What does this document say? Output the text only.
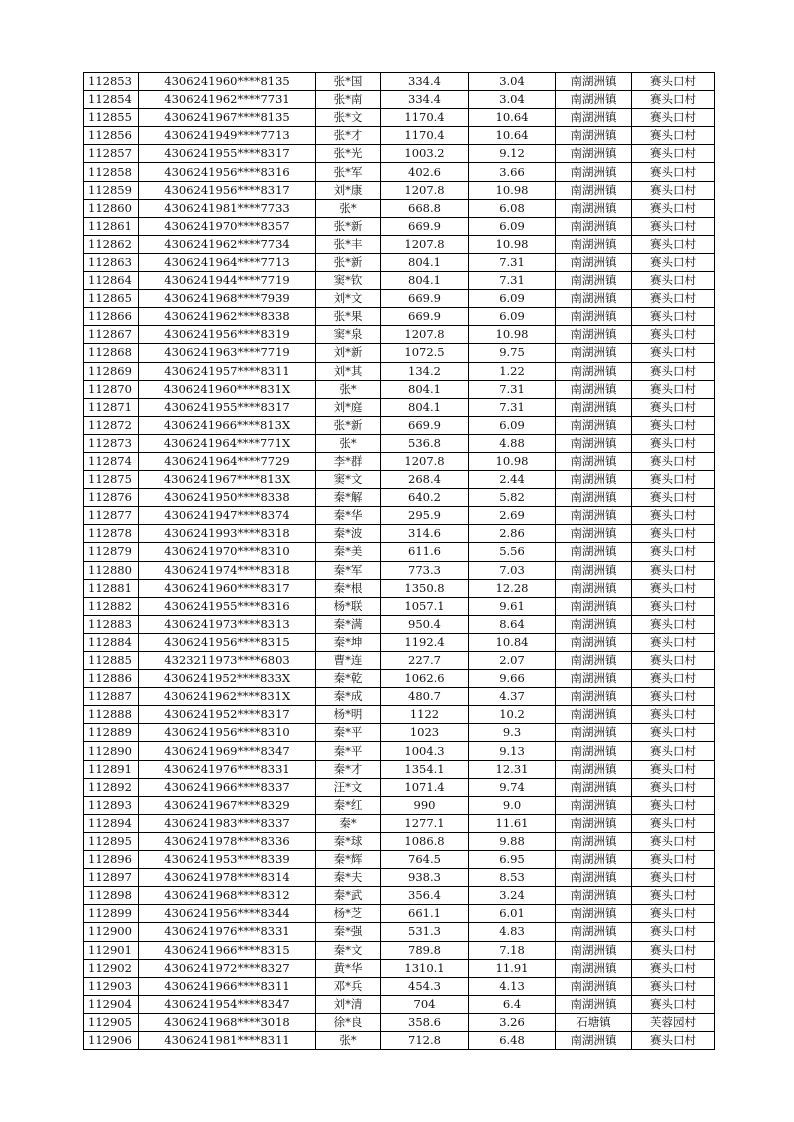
112853	4306241960****8135	张*国	334.4	3.04	南湖洲镇	赛头口村
112854	4306241962****7731	张*南	334.4	3.04	南湖洲镇	赛头口村
112855	4306241967****8135	张*文	1170.4	10.64	南湖洲镇	赛头口村
112856	4306241949****7713	张*才	1170.4	10.64	南湖洲镇	赛头口村
112857	4306241955****8317	张*光	1003.2	9.12	南湖洲镇	赛头口村
112858	4306241956****8316	张*军	402.6	3.66	南湖洲镇	赛头口村
112859	4306241956****8317	刘*康	1207.8	10.98	南湖洲镇	赛头口村
112860	4306241981****7733	张*	668.8	6.08	南湖洲镇	赛头口村
112861	4306241970****8357	张*新	669.9	6.09	南湖洲镇	赛头口村
112862	4306241962****7734	张*丰	1207.8	10.98	南湖洲镇	赛头口村
112863	4306241964****7713	张*新	804.1	7.31	南湖洲镇	赛头口村
112864	4306241944****7719	窦*钦	804.1	7.31	南湖洲镇	赛头口村
112865	4306241968****7939	刘*文	669.9	6.09	南湖洲镇	赛头口村
112866	4306241962****8338	张*果	669.9	6.09	南湖洲镇	赛头口村
112867	4306241956****8319	窦*泉	1207.8	10.98	南湖洲镇	赛头口村
112868	4306241963****7719	刘*新	1072.5	9.75	南湖洲镇	赛头口村
112869	4306241957****8311	刘*其	134.2	1.22	南湖洲镇	赛头口村
112870	4306241960****831X	张*	804.1	7.31	南湖洲镇	赛头口村
112871	4306241955****8317	刘*庭	804.1	7.31	南湖洲镇	赛头口村
112872	4306241966****813X	张*新	669.9	6.09	南湖洲镇	赛头口村
112873	4306241964****771X	张*	536.8	4.88	南湖洲镇	赛头口村
112874	4306241964****7729	李*群	1207.8	10.98	南湖洲镇	赛头口村
112875	4306241967****813X	窦*文	268.4	2.44	南湖洲镇	赛头口村
112876	4306241950****8338	秦*解	640.2	5.82	南湖洲镇	赛头口村
112877	4306241947****8374	秦*华	295.9	2.69	南湖洲镇	赛头口村
112878	4306241993****8318	秦*波	314.6	2.86	南湖洲镇	赛头口村
112879	4306241970****8310	秦*美	611.6	5.56	南湖洲镇	赛头口村
112880	4306241974****8318	秦*军	773.3	7.03	南湖洲镇	赛头口村
112881	4306241960****8317	秦*根	1350.8	12.28	南湖洲镇	赛头口村
112882	4306241955****8316	杨*联	1057.1	9.61	南湖洲镇	赛头口村
112883	4306241973****8313	秦*满	950.4	8.64	南湖洲镇	赛头口村
112884	4306241956****8315	秦*坤	1192.4	10.84	南湖洲镇	赛头口村
112885	4323211973****6803	曹*连	227.7	2.07	南湖洲镇	赛头口村
112886	4306241952****833X	秦*乾	1062.6	9.66	南湖洲镇	赛头口村
112887	4306241962****831X	秦*成	480.7	4.37	南湖洲镇	赛头口村
112888	4306241952****8317	杨*明	1122	10.2	南湖洲镇	赛头口村
112889	4306241956****8310	秦*平	1023	9.3	南湖洲镇	赛头口村
112890	4306241969****8347	秦*平	1004.3	9.13	南湖洲镇	赛头口村
112891	4306241976****8331	秦*才	1354.1	12.31	南湖洲镇	赛头口村
112892	4306241966****8337	汪*文	1071.4	9.74	南湖洲镇	赛头口村
112893	4306241967****8329	秦*红	990	9.0	南湖洲镇	赛头口村
112894	4306241983****8337	秦*	1277.1	11.61	南湖洲镇	赛头口村
112895	4306241978****8336	秦*球	1086.8	9.88	南湖洲镇	赛头口村
112896	4306241953****8339	秦*辉	764.5	6.95	南湖洲镇	赛头口村
112897	4306241978****8314	秦*夫	938.3	8.53	南湖洲镇	赛头口村
112898	4306241968****8312	秦*武	356.4	3.24	南湖洲镇	赛头口村
112899	4306241956****8344	杨*芝	661.1	6.01	南湖洲镇	赛头口村
112900	4306241976****8331	秦*强	531.3	4.83	南湖洲镇	赛头口村
112901	4306241966****8315	秦*文	789.8	7.18	南湖洲镇	赛头口村
112902	4306241972****8327	黄*华	1310.1	11.91	南湖洲镇	赛头口村
112903	4306241966****8311	邓*兵	454.3	4.13	南湖洲镇	赛头口村
112904	4306241954****8347	刘*清	704	6.4	南湖洲镇	赛头口村
112905	4306241968****3018	徐*良	358.6	3.26	石塘镇	芙蓉园村
112906	4306241981****8311	张*	712.8	6.48	南湖洲镇	赛头口村
